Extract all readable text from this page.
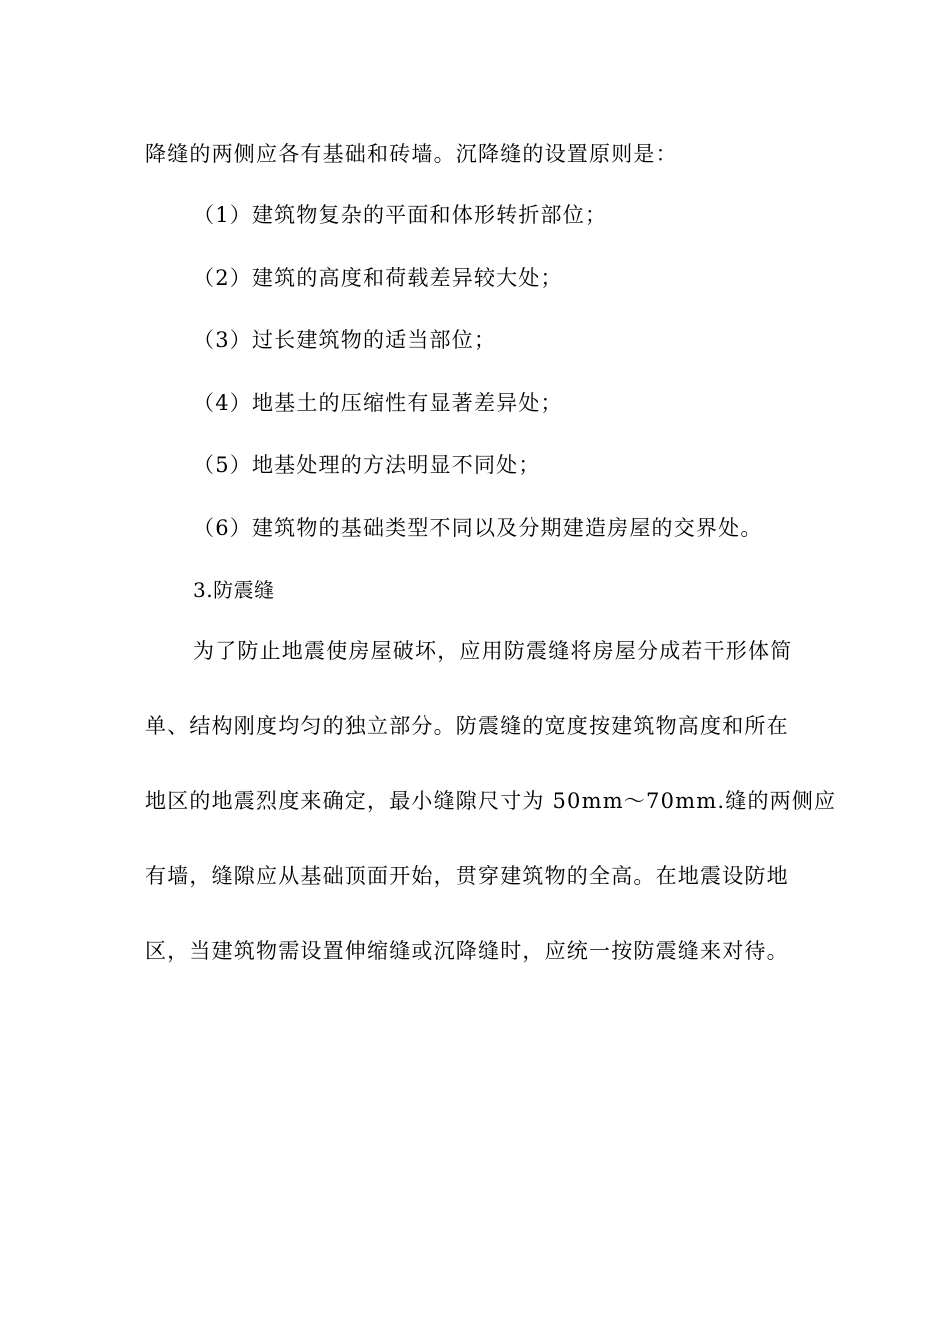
降缝的两侧应各有基础和砖墙。沉降缝的设置原则是：
（1）建筑物复杂的平面和体形转折部位；
（2）建筑的高度和荷载差异较大处；
（3）过长建筑物的适当部位；
（4）地基土的压缩性有显著差异处；
（5）地基处理的方法明显不同处；
（6）建筑物的基础类型不同以及分期建造房屋的交界处。
3.防震缝
为了防止地震使房屋破坏，应用防震缝将房屋分成若干形体简
单、结构刚度均匀的独立部分。防震缝的宽度按建筑物高度和所在
地区的地震烈度来确定，最小缝隙尺寸为 50mm～70mm.缝的两侧应
有墙，缝隙应从基础顶面开始，贯穿建筑物的全高。在地震设防地
区，当建筑物需设置伸缩缝或沉降缝时，应统一按防震缝来对待。
